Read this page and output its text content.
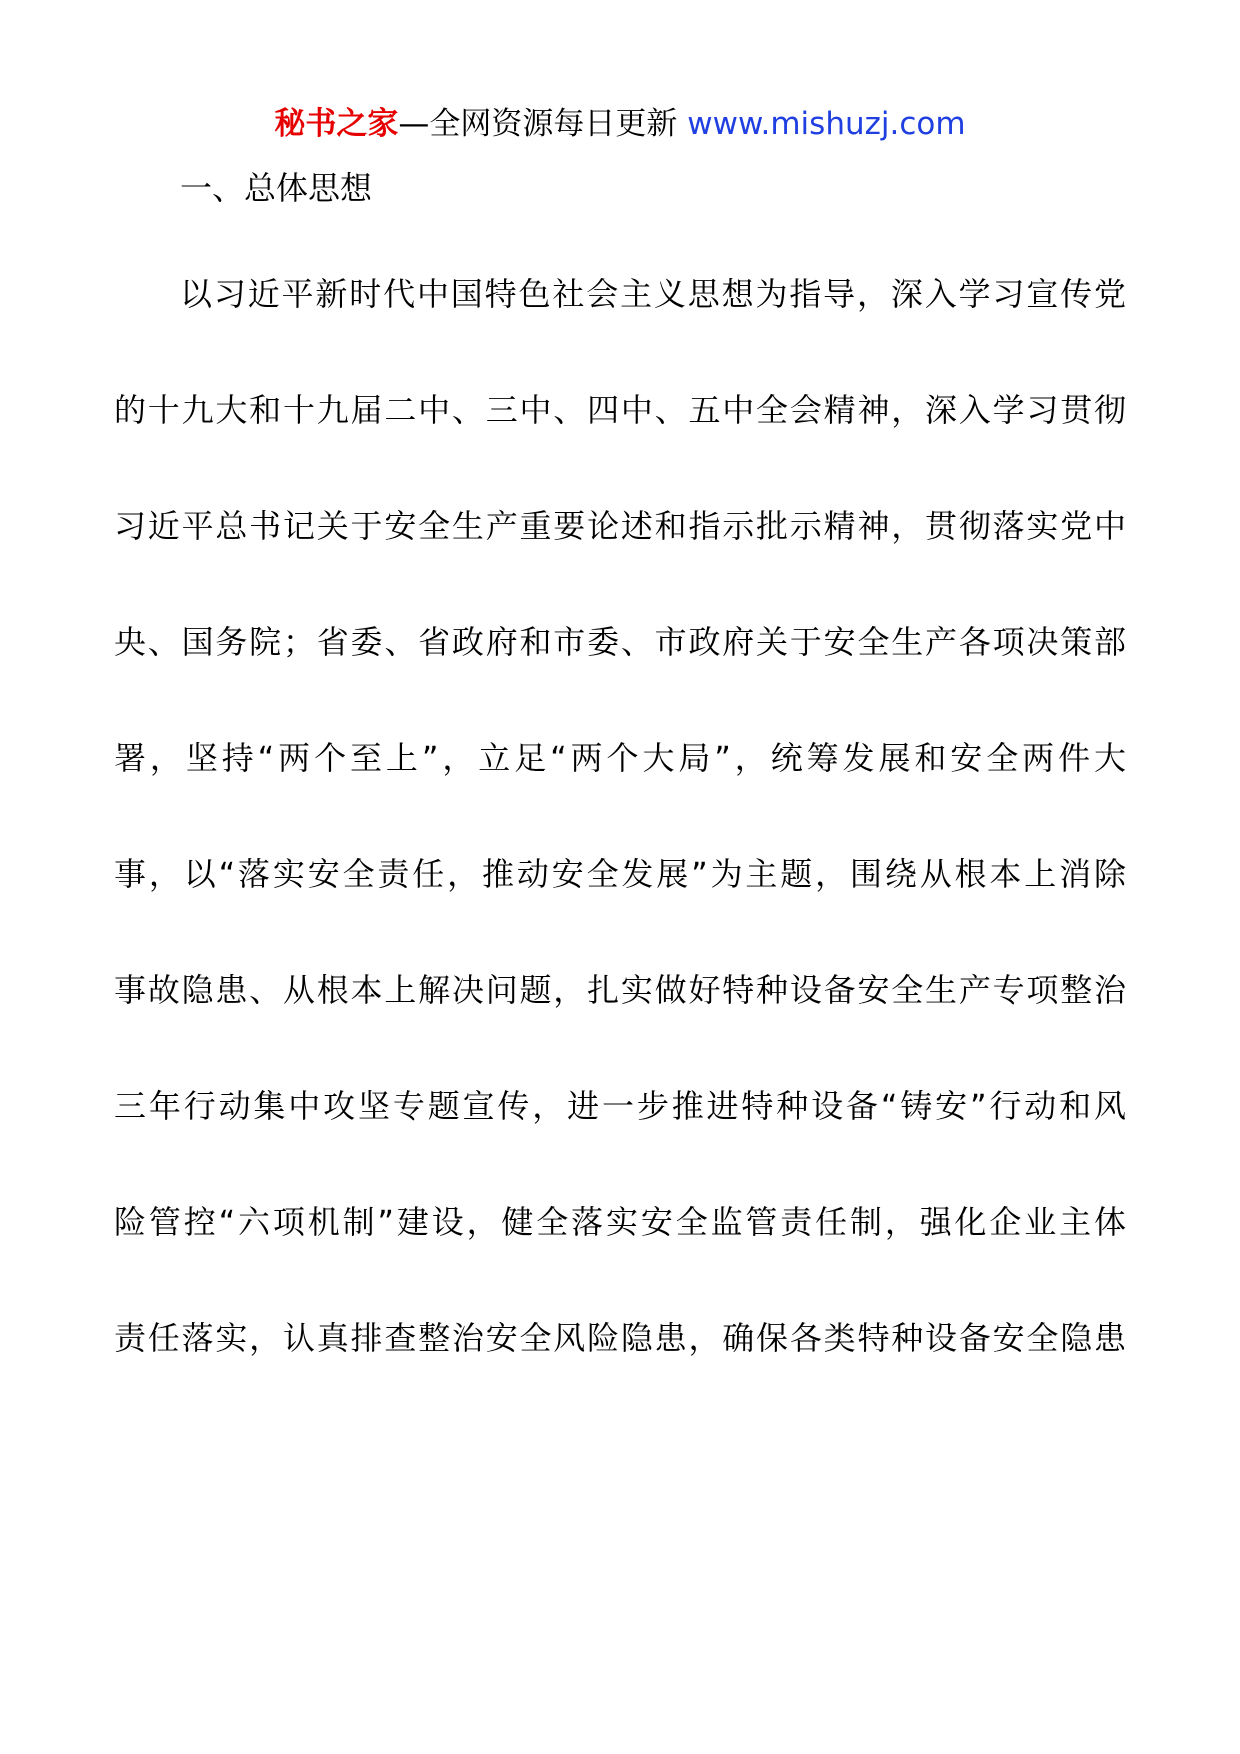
秘书之家—全网资源每日更新 www.mishuzj.com
一、总体思想
以习近平新时代中国特色社会主义思想为指导，深入学习宣传党
的十九大和十九届二中、三中、四中、五中全会精神，深入学习贯彻
习近平总书记关于安全生产重要论述和指示批示精神，贯彻落实党中
央、国务院；省委、省政府和市委、市政府关于安全生产各项决策部
署，坚持“两个至上”，立足“两个大局”，统筹发展和安全两件大
事，以“落实安全责任，推动安全发展”为主题，围绕从根本上消除
事故隐患、从根本上解决问题，扎实做好特种设备安全生产专项整治
三年行动集中攻坚专题宣传，进一步推进特种设备“铸安”行动和风
险管控“六项机制”建设，健全落实安全监管责任制，强化企业主体
责任落实，认真排查整治安全风险隐患，确保各类特种设备安全隐患
